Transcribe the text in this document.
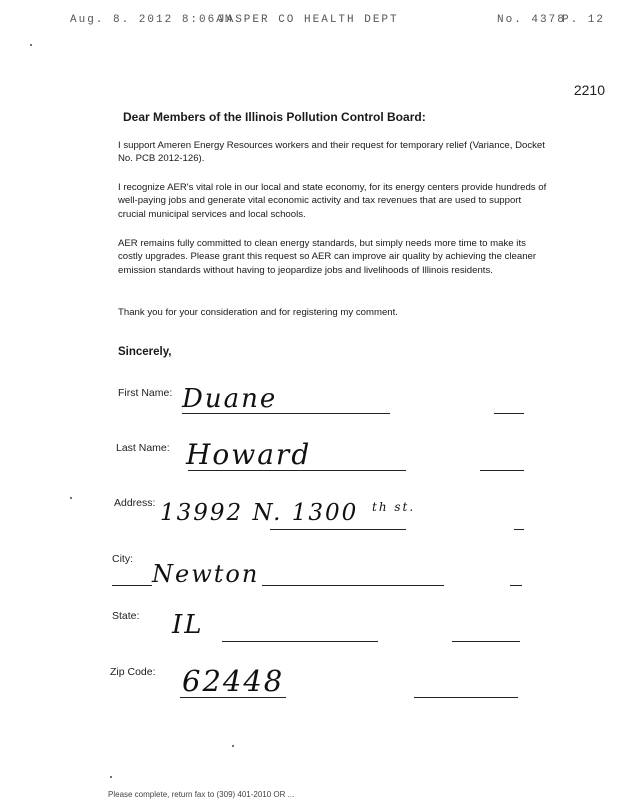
Aug. 8. 2012 8:06AM
JASPER CO HEALTH DEPT	No. 4378
P. 12
2210
Dear Members of the Illinois Pollution Control Board:
I support Ameren Energy Resources workers and their request for temporary relief (Variance, Docket No. PCB 2012-126).
I recognize AER's vital role in our local and state economy, for its energy centers provide hundreds of well-paying jobs and generate vital economic activity and tax revenues that are used to support crucial municipal services and local schools.
AER remains fully committed to clean energy standards, but simply needs more time to make its costly upgrades. Please grant this request so AER can improve air quality by achieving the cleaner emission standards without having to jeopardize jobs and livelihoods of Illinois residents.
Thank you for your consideration and for registering my comment.
Sincerely,
First Name: Duane
Last Name: Howard
Address: 13992 N. 1300 th st.
City:
Newton
State: IL
Zip Code: 62448
Please complete, return fax to (309) 401-2010 OR ...
